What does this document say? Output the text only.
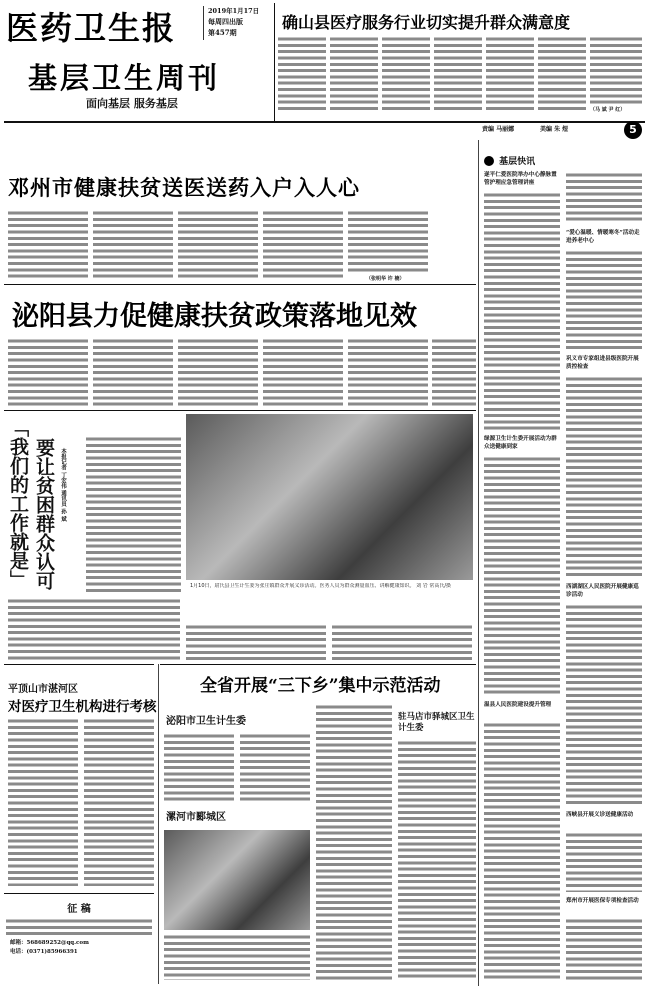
医药卫生报	2019年1月17日
每周四出版
第457期
基层卫生周刊
面向基层 服务基层
确山县医疗服务行业切实提升群众满意度
（马 斌 尹 红）
责编 马丽娜	美编 朱 煜	5
邓州市健康扶贫送医送药入户入人心
（张明华 许 楠）
泌阳县力促健康扶贫政策落地见效
要让贫困群众认可
「我们的工作就是」	本报记者 丁宏伟 通讯员 孙 斌
1月10日，尉氏县卫生计生委为张庄镇群众开展义诊活动。医务人员为群众测量血压、讲解健康知识。 刘 岩 常高氏/摄
平顶山市湛河区
对医疗卫生机构进行考核
征 稿
邮箱：568689252@qq.com
电话：(0371)85966391
全省开展“三下乡”集中示范活动
泌阳市卫生计生委
漯河市郾城区
驻马店市驿城区卫生计生委
基层快讯
遂平仁爱医院举办中心静脉置管护理应急管理讲座
绿源卫生计生委开展活动为群众送健康到家
温县人民医院建设提升管理
“爱心温暖、情暖寒冬”活动走进养老中心
巩义市专家组进县级医院开展质控检查
西湖湖区人民医院开展健康巡诊活动
西峡县开展义诊送健康活动
郑州市开展医保专项检查活动
